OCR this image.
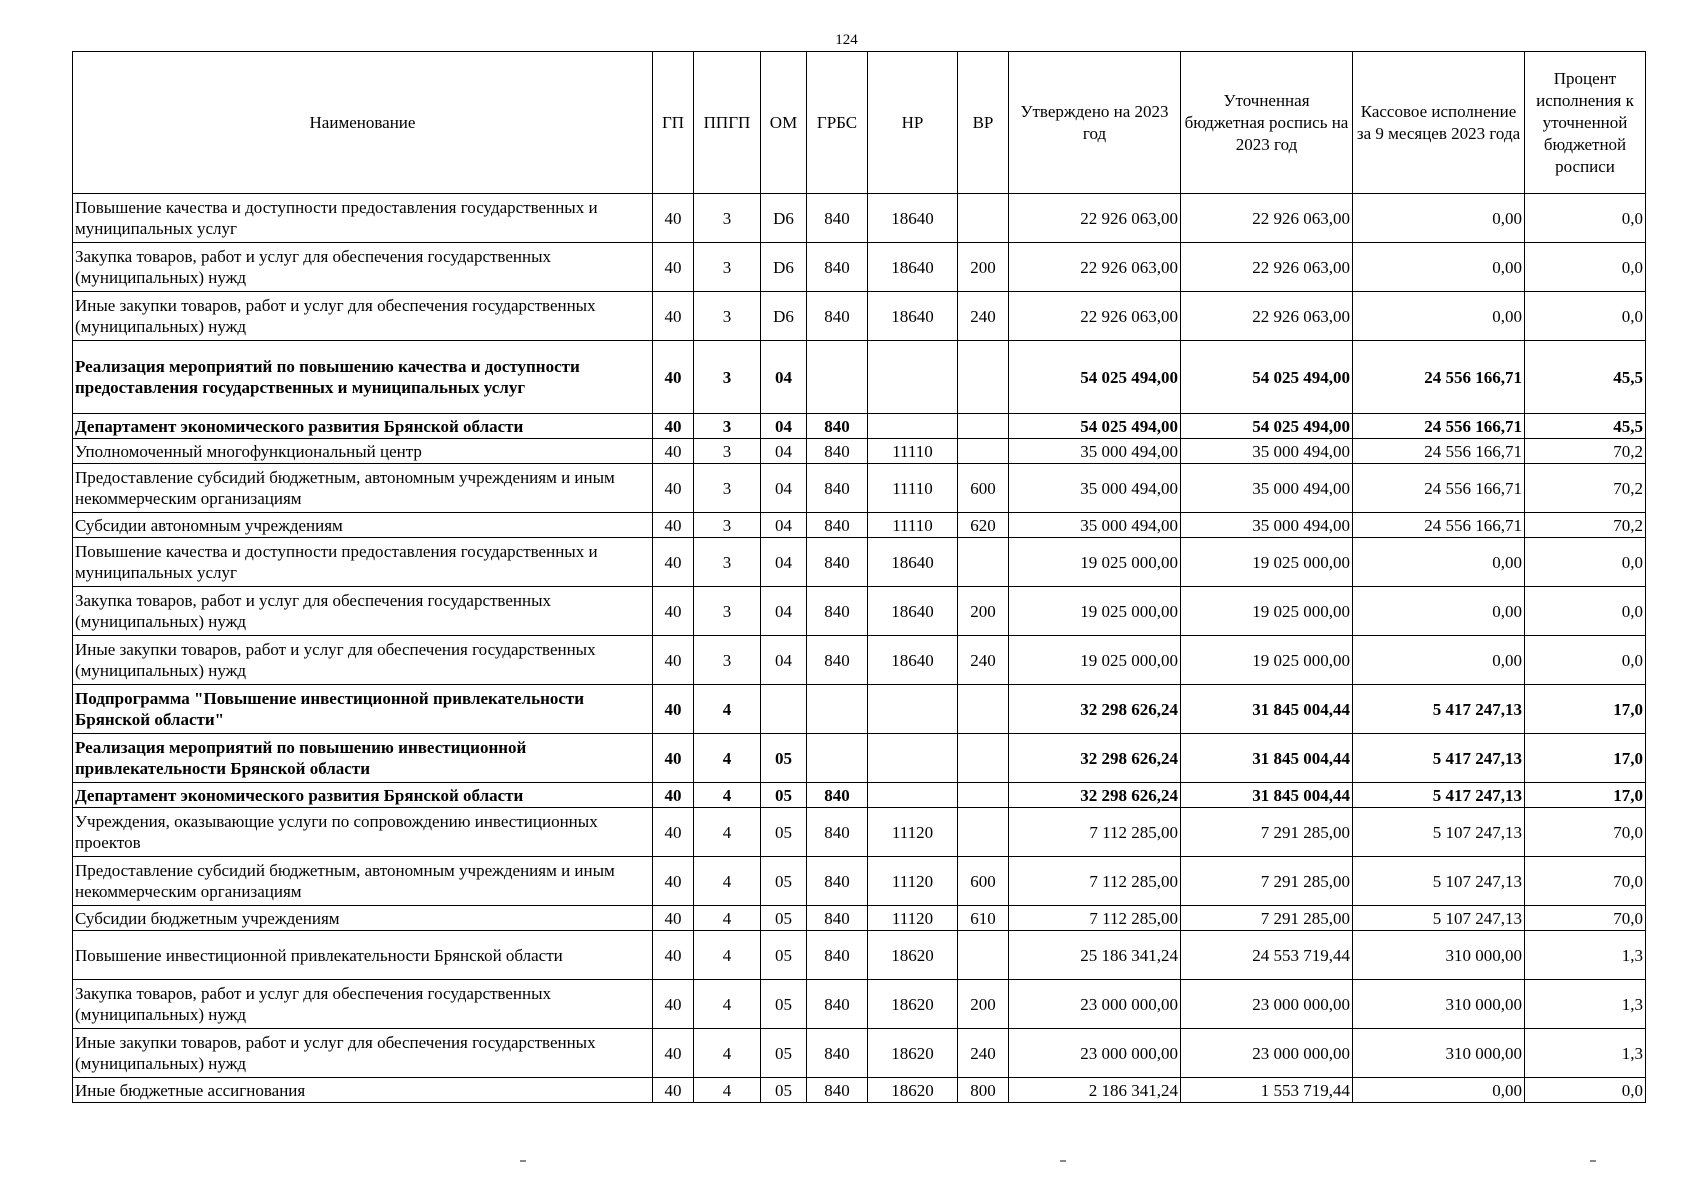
124
Наименование	ГП	ППГП	ОМ	ГРБС	НР	ВР	Утверждено на 2023 год	Уточненная бюджетная роспись на 2023 год	Кассовое исполнение за 9 месяцев 2023 года	Процент исполнения к уточненной бюджетной росписи
Повышение качества и доступности предоставления государственных и муниципальных услуг	40	3	D6	840	18640		22 926 063,00	22 926 063,00	0,00	0,0
Закупка товаров, работ и услуг для обеспечения государственных (муниципальных) нужд	40	3	D6	840	18640	200	22 926 063,00	22 926 063,00	0,00	0,0
Иные закупки товаров, работ и услуг для обеспечения государственных (муниципальных) нужд	40	3	D6	840	18640	240	22 926 063,00	22 926 063,00	0,00	0,0
Реализация мероприятий по повышению качества и доступности предоставления государственных и муниципальных услуг	40	3	04				54 025 494,00	54 025 494,00	24 556 166,71	45,5
Департамент экономического развития Брянской области	40	3	04	840			54 025 494,00	54 025 494,00	24 556 166,71	45,5
Уполномоченный многофункциональный центр	40	3	04	840	11110		35 000 494,00	35 000 494,00	24 556 166,71	70,2
Предоставление субсидий бюджетным, автономным учреждениям и иным некоммерческим организациям	40	3	04	840	11110	600	35 000 494,00	35 000 494,00	24 556 166,71	70,2
Субсидии автономным учреждениям	40	3	04	840	11110	620	35 000 494,00	35 000 494,00	24 556 166,71	70,2
Повышение качества и доступности предоставления государственных и муниципальных услуг	40	3	04	840	18640		19 025 000,00	19 025 000,00	0,00	0,0
Закупка товаров, работ и услуг для обеспечения государственных (муниципальных) нужд	40	3	04	840	18640	200	19 025 000,00	19 025 000,00	0,00	0,0
Иные закупки товаров, работ и услуг для обеспечения государственных (муниципальных) нужд	40	3	04	840	18640	240	19 025 000,00	19 025 000,00	0,00	0,0
Подпрограмма "Повышение инвестиционной привлекательности Брянской области"	40	4					32 298 626,24	31 845 004,44	5 417 247,13	17,0
Реализация мероприятий по повышению инвестиционной привлекательности Брянской области	40	4	05				32 298 626,24	31 845 004,44	5 417 247,13	17,0
Департамент экономического развития Брянской области	40	4	05	840			32 298 626,24	31 845 004,44	5 417 247,13	17,0
Учреждения, оказывающие услуги по сопровождению инвестиционных проектов	40	4	05	840	11120		7 112 285,00	7 291 285,00	5 107 247,13	70,0
Предоставление субсидий бюджетным, автономным учреждениям и иным некоммерческим организациям	40	4	05	840	11120	600	7 112 285,00	7 291 285,00	5 107 247,13	70,0
Субсидии бюджетным учреждениям	40	4	05	840	11120	610	7 112 285,00	7 291 285,00	5 107 247,13	70,0
Повышение инвестиционной привлекательности Брянской области	40	4	05	840	18620		25 186 341,24	24 553 719,44	310 000,00	1,3
Закупка товаров, работ и услуг для обеспечения государственных (муниципальных) нужд	40	4	05	840	18620	200	23 000 000,00	23 000 000,00	310 000,00	1,3
Иные закупки товаров, работ и услуг для обеспечения государственных (муниципальных) нужд	40	4	05	840	18620	240	23 000 000,00	23 000 000,00	310 000,00	1,3
Иные бюджетные ассигнования	40	4	05	840	18620	800	2 186 341,24	1 553 719,44	0,00	0,0
